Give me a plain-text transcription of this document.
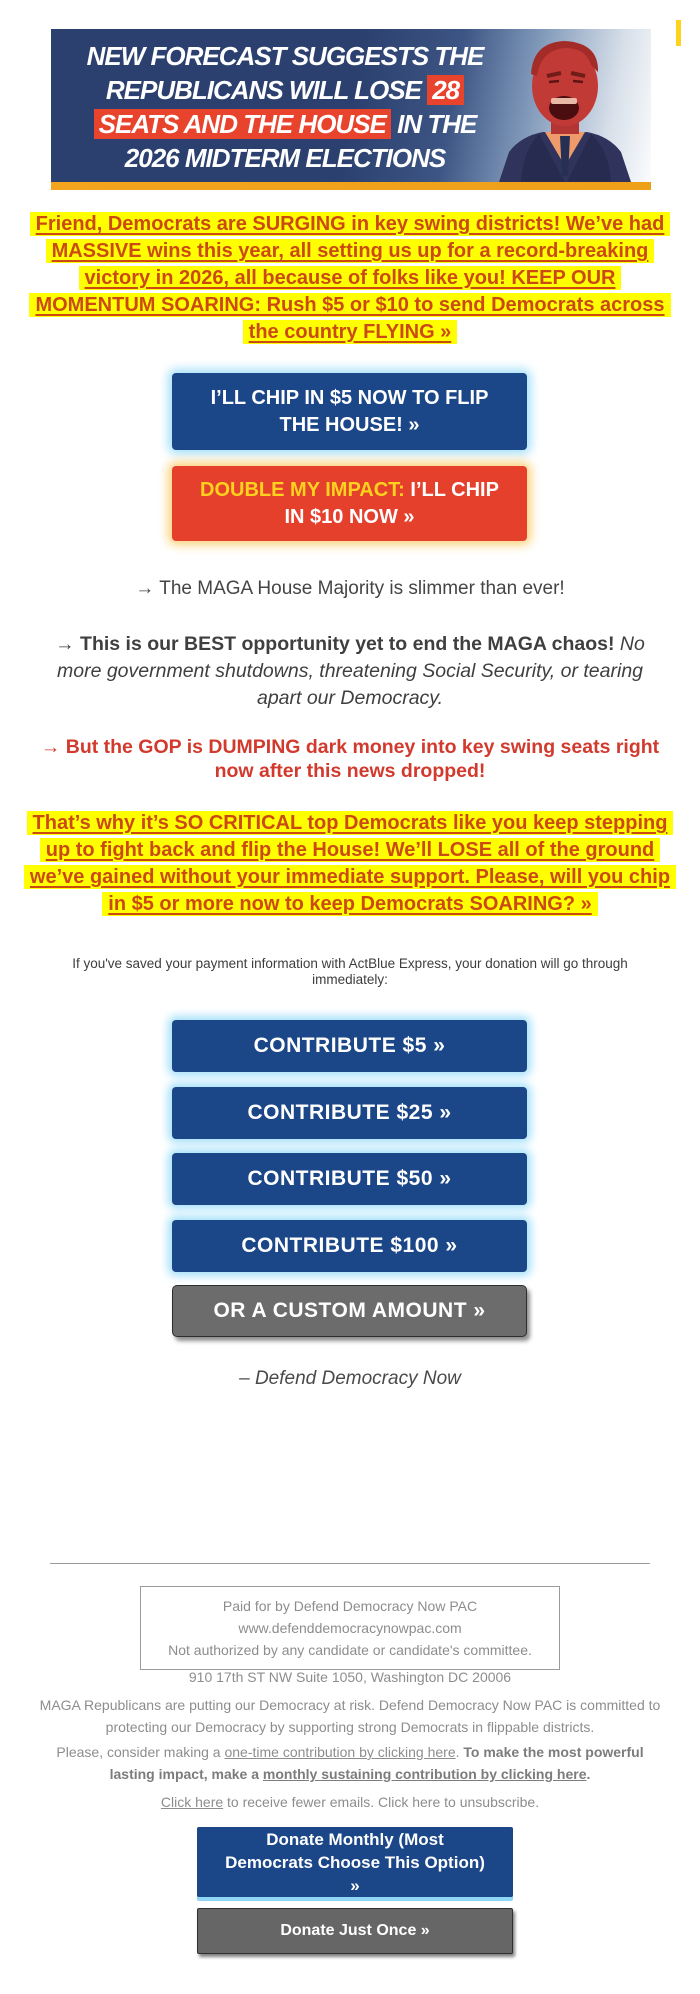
NEW FORECAST SUGGESTS THE
REPUBLICANS WILL LOSE 28
SEATS AND THE HOUSE IN THE
2026 MIDTERM ELECTIONS
Friend, Democrats are SURGING in key swing districts! We’ve had MASSIVE wins this year, all setting us up for a record-breaking victory in 2026, all because of folks like you! KEEP OUR MOMENTUM SOARING: Rush $5 or $10 to send Democrats across the country FLYING »
I’LL CHIP IN $5 NOW TO FLIP THE HOUSE! »
DOUBLE MY IMPACT: I’LL CHIP IN $10 NOW »
→ The MAGA House Majority is slimmer than ever!
→ This is our BEST opportunity yet to end the MAGA chaos! No more government shutdowns, threatening Social Security, or tearing apart our Democracy.
→ But the GOP is DUMPING dark money into key swing seats right now after this news dropped!
That’s why it’s SO CRITICAL top Democrats like you keep stepping up to fight back and flip the House! We’ll LOSE all of the ground we’ve gained without your immediate support. Please, will you chip in $5 or more now to keep Democrats SOARING? »
If you've saved your payment information with ActBlue Express, your donation will go through immediately:
CONTRIBUTE $5 »
CONTRIBUTE $25 »
CONTRIBUTE $50 »
CONTRIBUTE $100 »
OR A CUSTOM AMOUNT »
– Defend Democracy Now
Paid for by Defend Democracy Now PAC
www.defenddemocracynowpac.com
Not authorized by any candidate or candidate's committee.
910 17th ST NW Suite 1050, Washington DC 20006
MAGA Republicans are putting our Democracy at risk. Defend Democracy Now PAC is committed to protecting our Democracy by supporting strong Democrats in flippable districts.
Please, consider making a one-time contribution by clicking here. To make the most powerful lasting impact, make a monthly sustaining contribution by clicking here.
Click here to receive fewer emails. Click here to unsubscribe.
Donate Monthly (Most Democrats Choose This Option) »
Donate Just Once »
